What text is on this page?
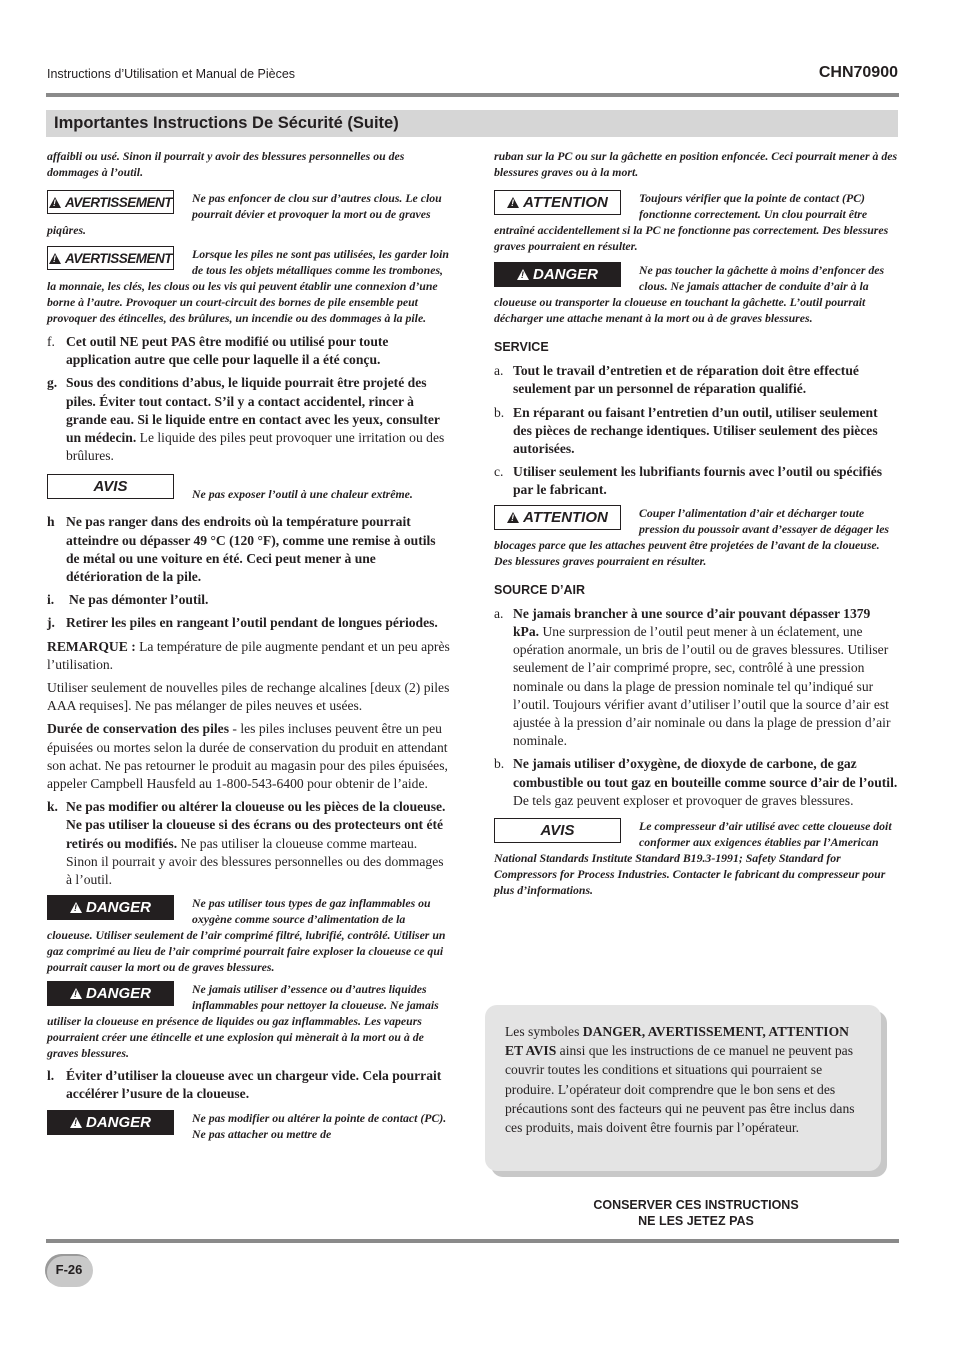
Instructions d’Utilisation et Manual de Pièces	CHN70900
Importantes Instructions De Sécurité (Suite)
affaibli ou usé. Sinon il pourrait y avoir des blessures personnelles ou des dommages à l’outil.
!AVERTISSEMENT Ne pas enfoncer de clou sur d’autres clous. Le clou pourrait dévier et provoquer la mort ou de graves piqûres.
!AVERTISSEMENT Lorsque les piles ne sont pas utilisées, les garder loin de tous les objets métalliques comme les trombones, la monnaie, les clés, les clous ou les vis qui peuvent établir une connexion d’une borne à l’autre. Provoquer un court-circuit des bornes de pile ensemble peut provoquer des étincelles, des brûlures, un incendie ou des dommages à la pile.
f. Cet outil NE peut PAS être modifié ou utilisé pour toute application autre que celle pour laquelle il a été conçu.
g. Sous des conditions d’abus, le liquide pourrait être projeté des piles. Éviter tout contact. S’il y a contact accidentel, rincer à grande eau. Si le liquide entre en contact avec les yeux, consulter un médecin. Le liquide des piles peut provoquer une irritation ou des brûlures.
AVIS	Ne pas exposer l’outil à une chaleur extrême.
h Ne pas ranger dans des endroits où la température pourrait atteindre ou dépasser 49 °C (120 °F), comme une remise à outils de métal ou une voiture en été. Ceci peut mener à une détérioration de la pile.
i. Ne pas démonter l’outil.
j. Retirer les piles en rangeant l’outil pendant de longues périodes.

REMARQUE : La température de pile augmente pendant et un peu après l’utilisation.

Utiliser seulement de nouvelles piles de rechange alcalines [deux (2) piles AAA requises]. Ne pas mélanger de piles neuves et usées.

Durée de conservation des piles - les piles incluses peuvent être un peu épuisées ou mortes selon la durée de conservation du produit en attendant son achat. Ne pas retourner le produit au magasin pour des piles épuisées, appeler Campbell Hausfeld au 1-800-543-6400 pour obtenir de l’aide.

k. Ne pas modifier ou altérer la cloueuse ou les pièces de la cloueuse. Ne pas utiliser la cloueuse si des écrans ou des protecteurs ont été retirés ou modifiés. Ne pas utiliser la cloueuse comme marteau. Sinon il pourrait y avoir des blessures personnelles ou des dommages à l’outil.
!DANGER	Ne pas utiliser tous types de gaz inflammables ou oxygène comme source d’alimentation de la cloueuse. Utiliser seulement de l’air comprimé filtré, lubrifié, contrôlé. Utiliser un gaz comprimé au lieu de l’air comprimé pourrait faire exploser la cloueuse ce qui pourrait causer la mort ou de graves blessures.
!DANGER	Ne jamais utiliser d’essence ou d’autres liquides inflammables pour nettoyer la cloueuse. Ne jamais utiliser la cloueuse en présence de liquides ou gaz inflammables. Les vapeurs pourraient créer une étincelle et une explosion qui mènerait à la mort ou à de graves blessures.
l. Éviter d’utiliser la cloueuse avec un chargeur vide. Cela pourrait accélérer l’usure de la cloueuse.
!DANGER	Ne pas modifier ou altérer la pointe de contact (PC). Ne pas attacher ou mettre de
ruban sur la PC ou sur la gâchette en position enfoncée. Ceci pourrait mener à des blessures graves ou à la mort.
!ATTENTION	Toujours vérifier que la pointe de contact (PC) fonctionne correctement. Un clou pourrait être entraîné accidentellement si la PC ne fonctionne pas correctement. Des blessures graves pourraient en résulter.
!DANGER	Ne pas toucher la gâchette à moins d’enfoncer des clous. Ne jamais attacher de conduite d’air à la cloueuse ou transporter la cloueuse en touchant la gâchette. L’outil pourrait décharger une attache menant à la mort ou à de graves blessures.
SERVICE
a. Tout le travail d’entretien et de réparation doit être effectué seulement par un personnel de réparation qualifié.
b. En réparant ou faisant l’entretien d’un outil, utiliser seulement des pièces de rechange identiques. Utiliser seulement des pièces autorisées.
c. Utiliser seulement les lubrifiants fournis avec l’outil ou spécifiés par le fabricant.
!ATTENTION	Couper l’alimentation d’air et décharger toute pression du poussoir avant d’essayer de dégager les blocages parce que les attaches peuvent être projetées de l’avant de la cloueuse. Des blessures graves pourraient en résulter.
SOURCE D’AIR
a. Ne jamais brancher à une source d’air pouvant dépasser 1379 kPa. Une surpression de l’outil peut mener à un éclatement, une opération anormale, un bris de l’outil ou de graves blessures. Utiliser seulement de l’air comprimé propre, sec, contrôlé à une pression nominale ou dans la plage de pression nominale tel qu’indiqué sur l’outil. Toujours vérifier avant d’utiliser l’outil que la source d’air est ajustée à la pression d’air nominale ou dans la plage de pression d’air nominale.
b. Ne jamais utiliser d’oxygène, de dioxyde de carbone, de gaz combustible ou tout gaz en bouteille comme source d’air de l’outil. De tels gaz peuvent exploser et provoquer de graves blessures.
AVIS	Le compresseur d’air utilisé avec cette cloueuse doit conformer aux exigences établies par l’American National Standards Institute Standard B19.3-1991; Safety Standard for Compressors for Process Industries. Contacter le fabricant du compresseur pour plus d’informations.
Les symboles DANGER, AVERTISSEMENT, ATTENTION ET AVIS ainsi que les instructions de ce manuel ne peuvent pas couvrir toutes les conditions et situations qui pourraient se produire. L’opérateur doit comprendre que le bon sens et des précautions sont des facteurs qui ne peuvent pas être inclus dans ces produits, mais doivent être fournis par l’opérateur.
CONSERVER CES INSTRUCTIONS
NE LES JETEZ PAS
F-26
